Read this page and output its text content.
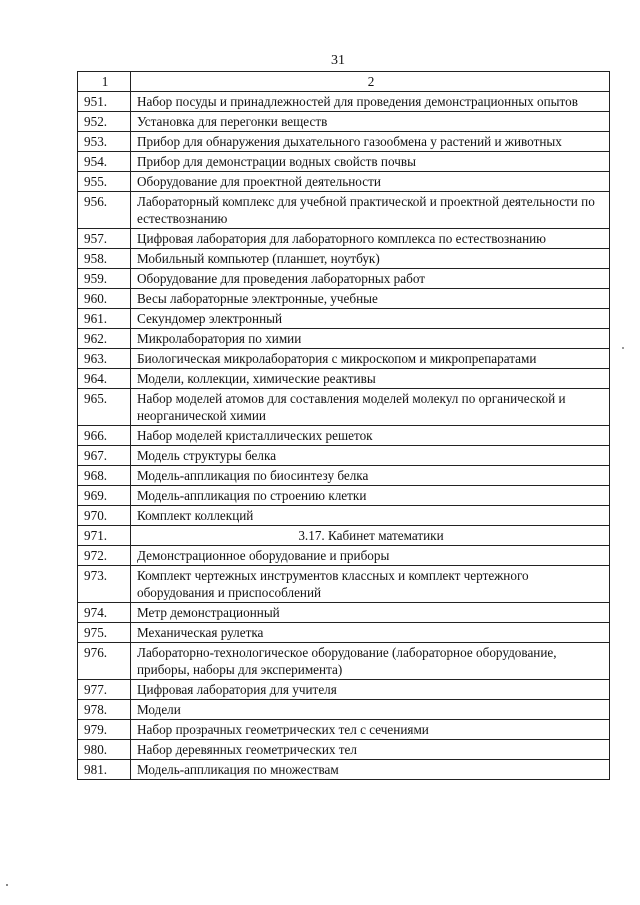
31
1	2
951.	Набор посуды и принадлежностей для проведения демонстрационных опытов
952.	Установка для перегонки веществ
953.	Прибор для обнаружения дыхательного газообмена у растений и животных
954.	Прибор для демонстрации водных свойств почвы
955.	Оборудование для проектной деятельности
956.	Лабораторный комплекс для учебной практической и проектной деятельности по естествознанию
957.	Цифровая лаборатория для лабораторного комплекса по естествознанию
958.	Мобильный компьютер (планшет, ноутбук)
959.	Оборудование для проведения лабораторных работ
960.	Весы лабораторные электронные, учебные
961.	Секундомер электронный
962.	Микролаборатория по химии
963.	Биологическая микролаборатория с микроскопом и микропрепаратами
964.	Модели, коллекции, химические реактивы
965.	Набор моделей атомов для составления моделей молекул по органической и неорганической химии
966.	Набор моделей кристаллических решеток
967.	Модель структуры белка
968.	Модель-аппликация по биосинтезу белка
969.	Модель-аппликация по строению клетки
970.	Комплект коллекций
971.	3.17. Кабинет математики
972.	Демонстрационное оборудование и приборы
973.	Комплект чертежных инструментов классных и комплект чертежного оборудования и приспособлений
974.	Метр демонстрационный
975.	Механическая рулетка
976.	Лабораторно-технологическое оборудование (лабораторное оборудование, приборы, наборы для эксперимента)
977.	Цифровая лаборатория для учителя
978.	Модели
979.	Набор прозрачных геометрических тел с сечениями
980.	Набор деревянных геометрических тел
981.	Модель-аппликация по множествам
